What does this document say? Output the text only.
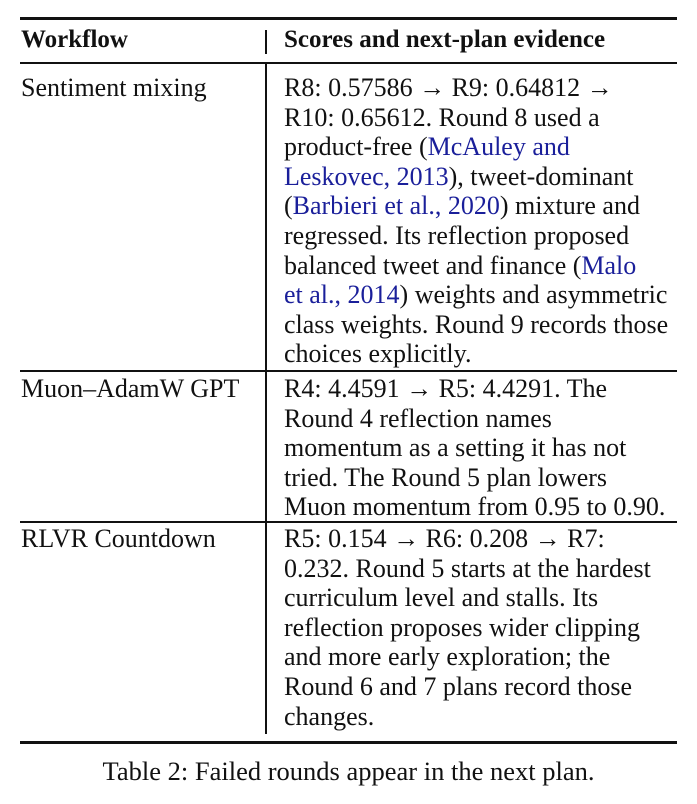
Workflow	Scores and next-plan evidence
Sentiment mixing	R8: 0.57586 → R9: 0.64812 →
R10: 0.65612. Round 8 used a
product-free (McAuley and
Leskovec, 2013), tweet-dominant
(Barbieri et al., 2020) mixture and
regressed. Its reflection proposed
balanced tweet and finance (Malo
et al., 2014) weights and asymmetric
class weights. Round 9 records those
choices explicitly.
Muon–AdamW GPT	R4: 4.4591 → R5: 4.4291. The
Round 4 reflection names
momentum as a setting it has not
tried. The Round 5 plan lowers
Muon momentum from 0.95 to 0.90.
RLVR Countdown	R5: 0.154 → R6: 0.208 → R7:
0.232. Round 5 starts at the hardest
curriculum level and stalls. Its
reflection proposes wider clipping
and more early exploration; the
Round 6 and 7 plans record those
changes.
Table 2: Failed rounds appear in the next plan.
